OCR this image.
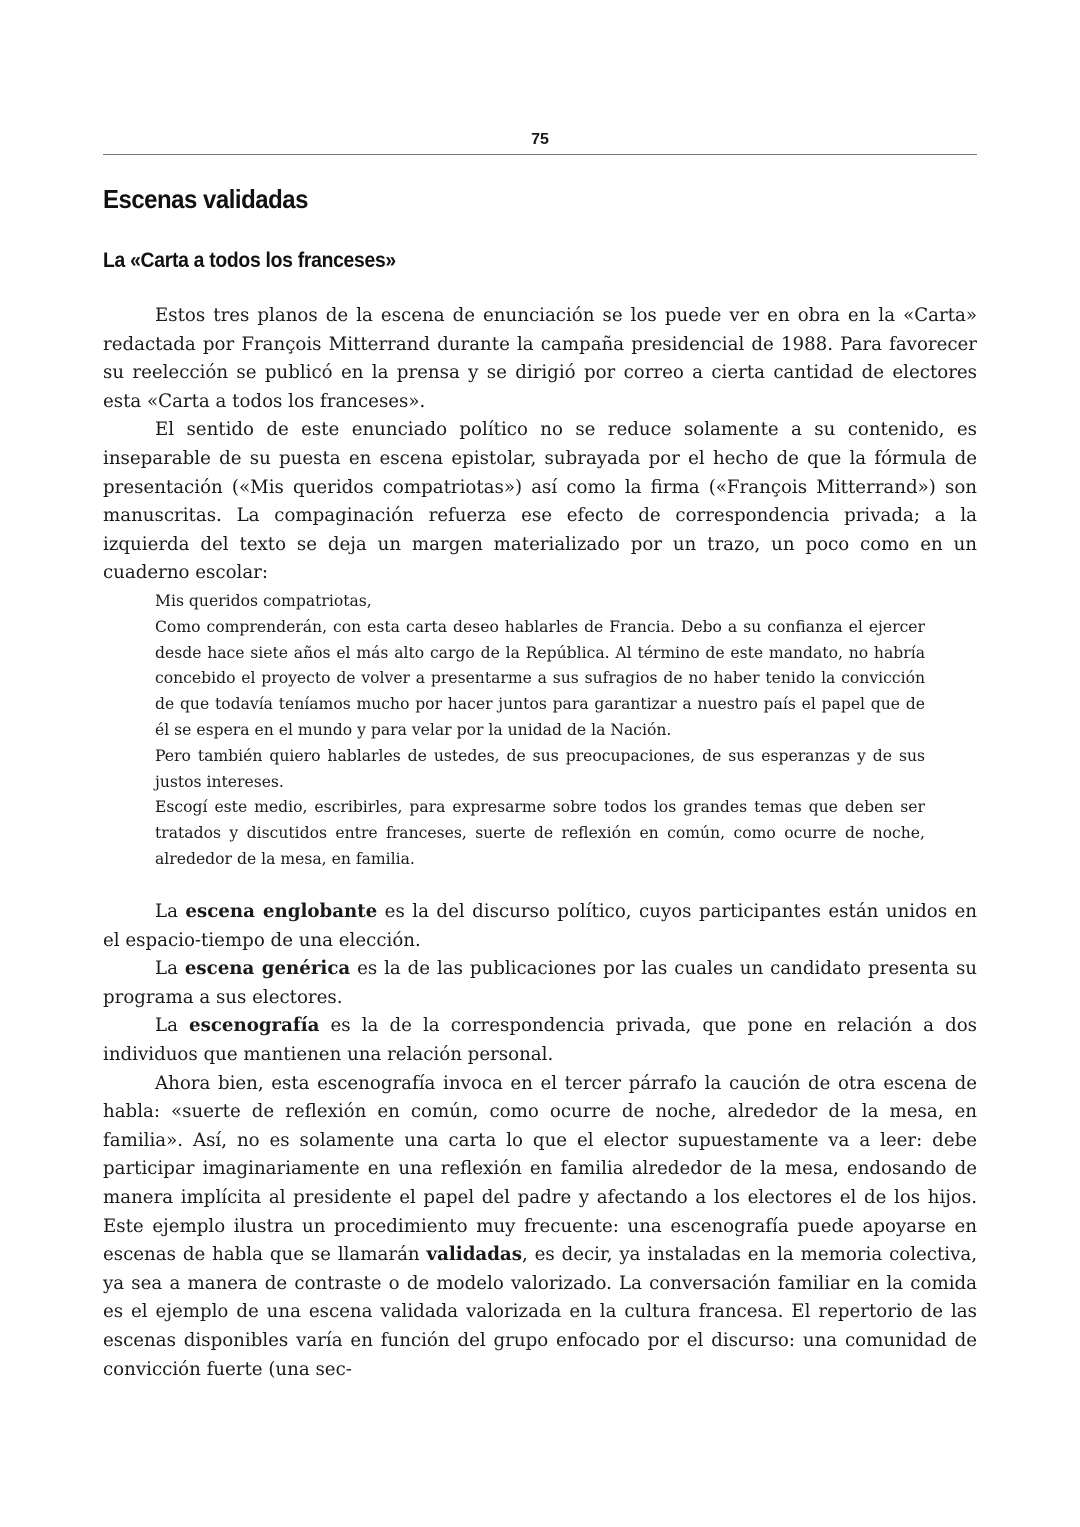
75
Escenas validadas
La «Carta a todos los franceses»

Estos tres planos de la escena de enunciación se los puede ver en obra en la «Carta» redactada por François Mitterrand durante la campaña presidencial de 1988. Para favorecer su reelección se publicó en la prensa y se dirigió por correo a cierta cantidad de electores esta «Carta a todos los franceses».

El sentido de este enunciado político no se reduce solamente a su contenido, es inseparable de su puesta en escena epistolar, subrayada por el hecho de que la fórmula de presentación («Mis queridos compatriotas») así como la firma («François Mitterrand») son manuscritas. La compaginación refuerza ese efecto de correspondencia privada; a la izquierda del texto se deja un margen materializado por un trazo, un poco como en un cuaderno escolar:

Mis queridos compatriotas,

Como comprenderán, con esta carta deseo hablarles de Francia. Debo a su confianza el ejercer desde hace siete años el más alto cargo de la República. Al término de este mandato, no habría concebido el proyecto de volver a presentarme a sus sufragios de no haber tenido la convicción de que todavía teníamos mucho por hacer juntos para garantizar a nuestro país el papel que de él se espera en el mundo y para velar por la unidad de la Nación.

Pero también quiero hablarles de ustedes, de sus preocupaciones, de sus esperanzas y de sus justos intereses.

Escogí este medio, escribirles, para expresarme sobre todos los grandes temas que deben ser tratados y discutidos entre franceses, suerte de reflexión en común, como ocurre de noche, alrededor de la mesa, en familia.

La escena englobante es la del discurso político, cuyos participantes están unidos en el espacio-tiempo de una elección.

La escena genérica es la de las publicaciones por las cuales un candidato presenta su programa a sus electores.

La escenografía es la de la correspondencia privada, que pone en relación a dos individuos que mantienen una relación personal.

Ahora bien, esta escenografía invoca en el tercer párrafo la caución de otra escena de habla: «suerte de reflexión en común, como ocurre de noche, alrededor de la mesa, en familia». Así, no es solamente una carta lo que el elector supuestamente va a leer: debe participar imaginariamente en una reflexión en familia alrededor de la mesa, endosando de manera implícita al presidente el papel del padre y afectando a los electores el de los hijos. Este ejemplo ilustra un procedimiento muy frecuente: una escenografía puede apoyarse en escenas de habla que se llamarán validadas, es decir, ya instaladas en la memoria colectiva, ya sea a manera de contraste o de modelo valorizado. La conversación familiar en la comida es el ejemplo de una escena validada valorizada en la cultura francesa. El repertorio de las escenas disponibles varía en función del grupo enfocado por el discurso: una comunidad de convicción fuerte (una sec-
